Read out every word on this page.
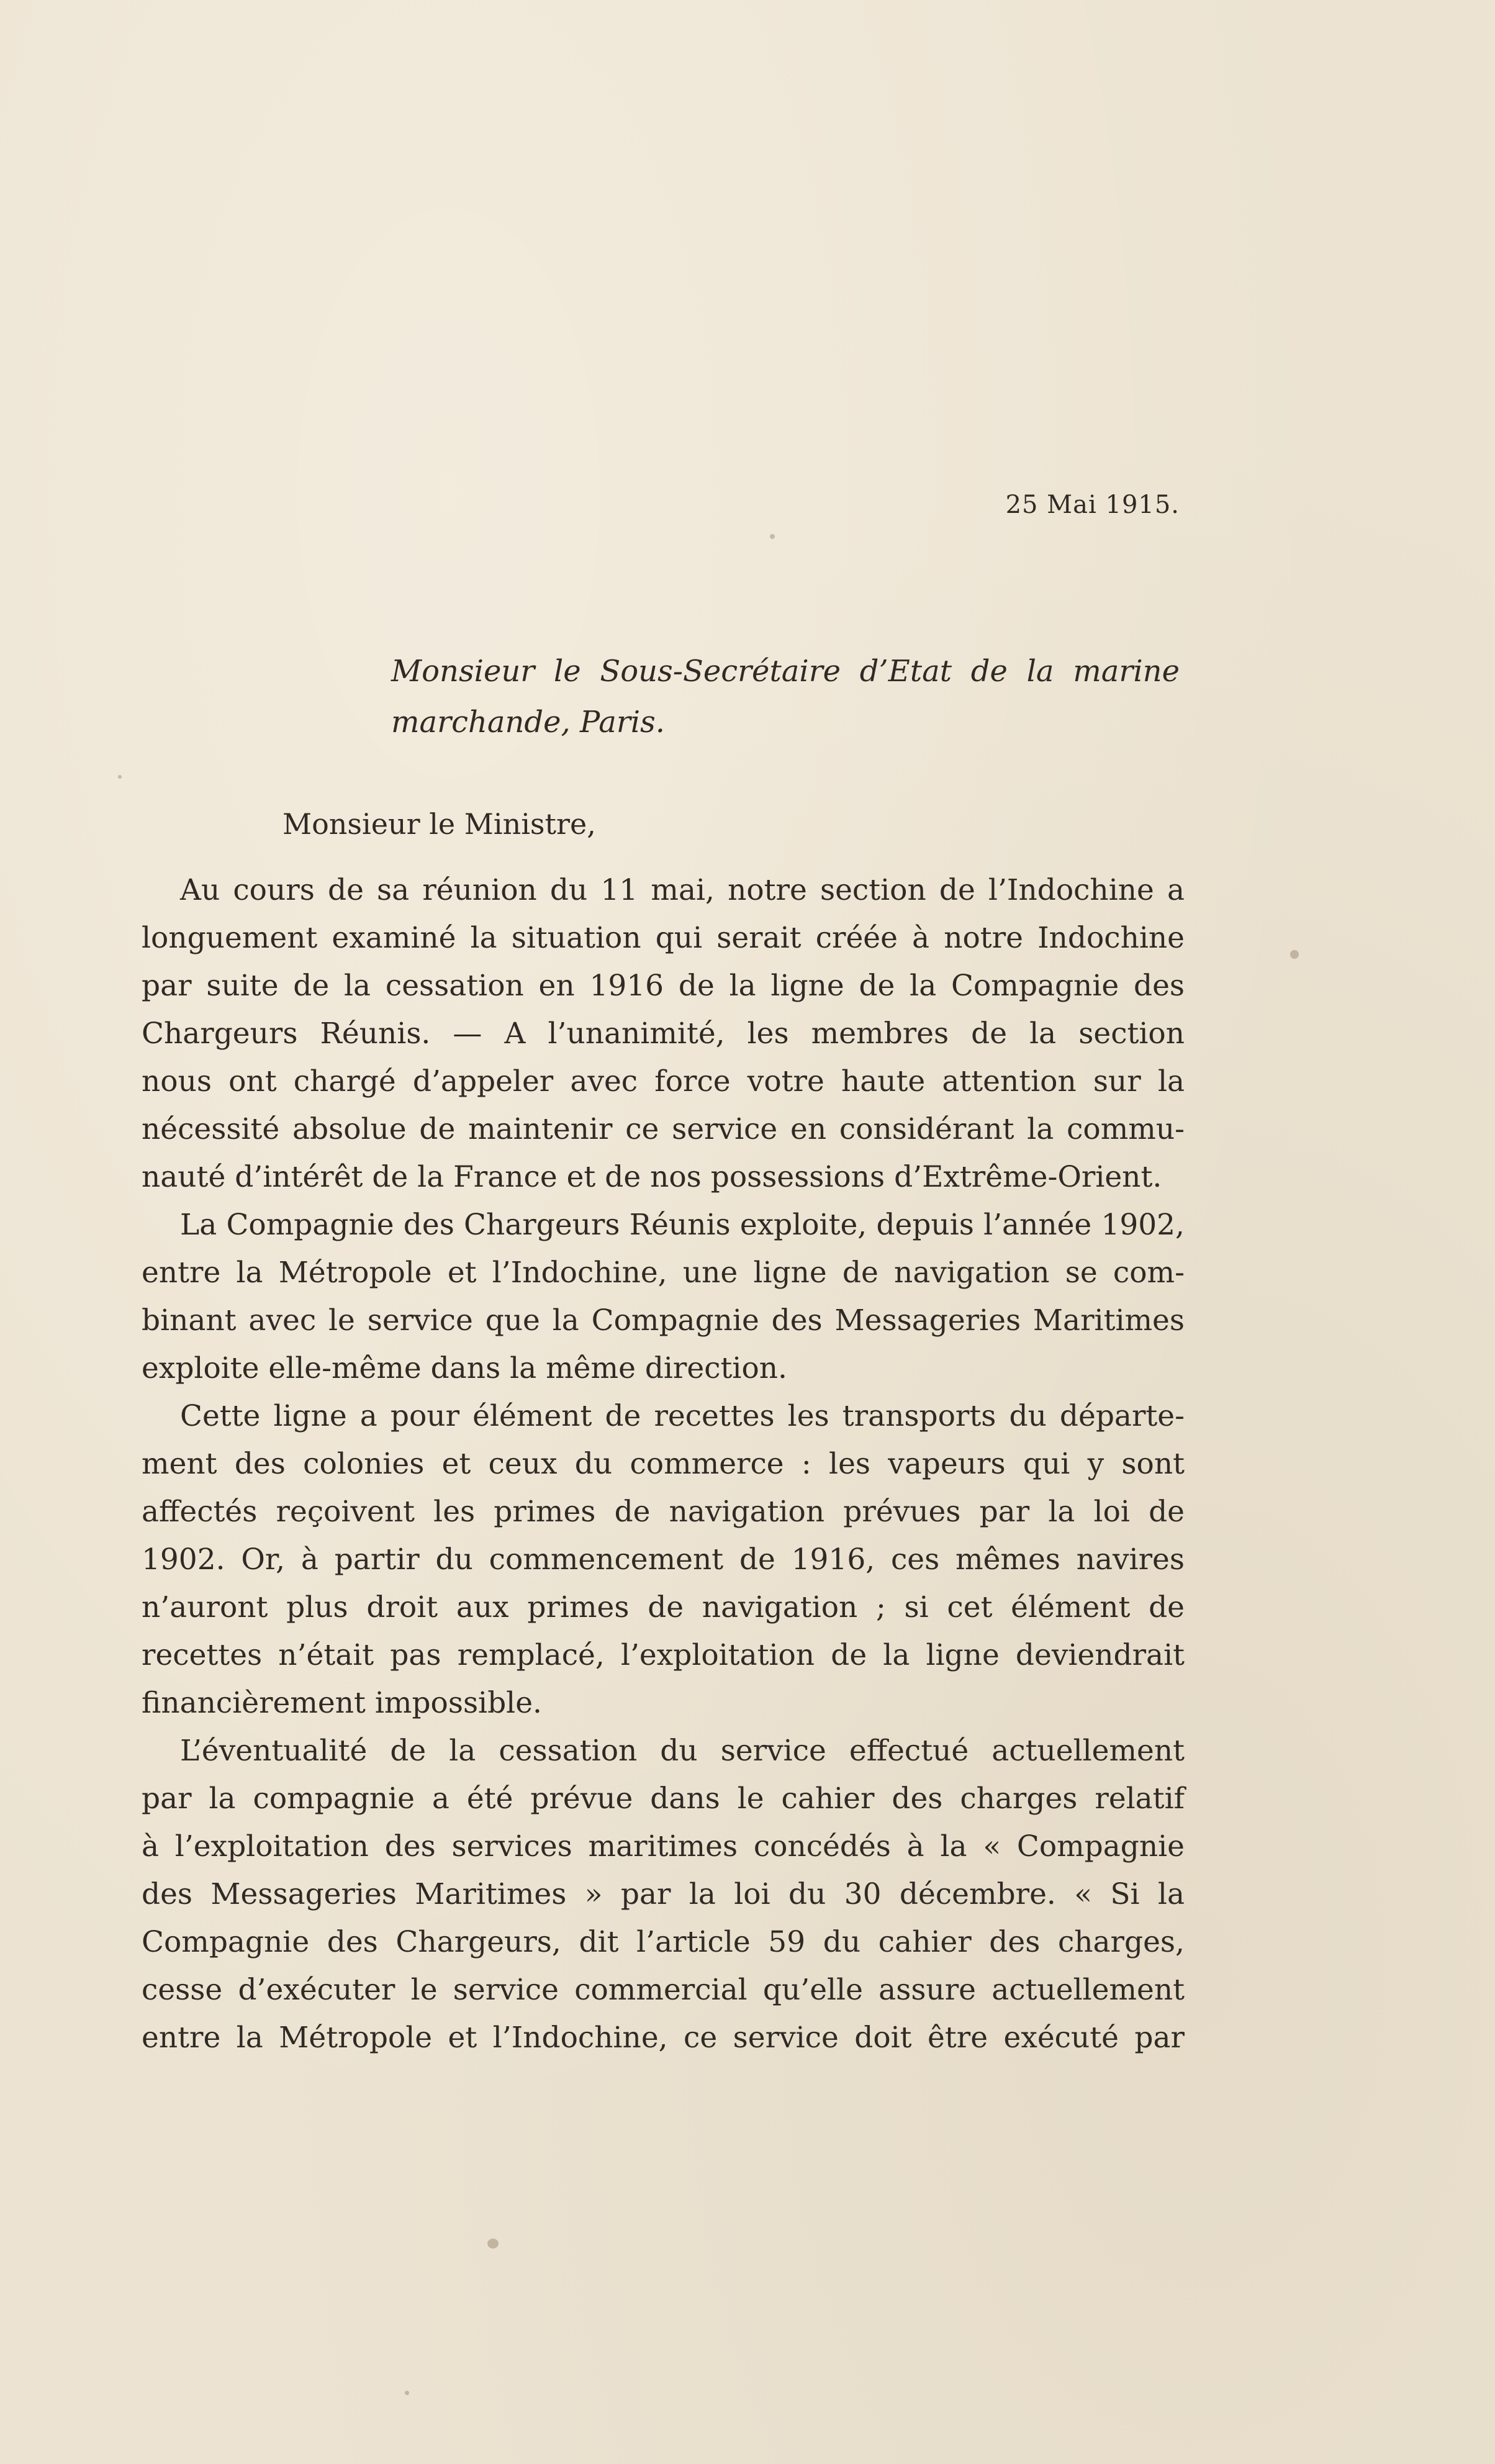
25 Mai 1915.
Monsieur le Sous-Secrétaire d’Etat de la marine
marchande, Paris.
Monsieur le Ministre,
Au cours de sa réunion du 11 mai, notre section de l’Indochine a
longuement examiné la situation qui serait créée à notre Indochine
par suite de la cessation en 1916 de la ligne de la Compagnie des
Chargeurs Réunis. — A l’unanimité, les membres de la section
nous ont chargé d’appeler avec force votre haute attention sur la
nécessité absolue de maintenir ce service en considérant la commu-
nauté d’intérêt de la France et de nos possessions d’Extrême-Orient.
La Compagnie des Chargeurs Réunis exploite, depuis l’année 1902,
entre la Métropole et l’Indochine, une ligne de navigation se com-
binant avec le service que la Compagnie des Messageries Maritimes
exploite elle-même dans la même direction.
Cette ligne a pour élément de recettes les transports du départe-
ment des colonies et ceux du commerce : les vapeurs qui y sont
affectés reçoivent les primes de navigation prévues par la loi de
1902. Or, à partir du commencement de 1916, ces mêmes navires
n’auront plus droit aux primes de navigation ; si cet élément de
recettes n’était pas remplacé, l’exploitation de la ligne deviendrait
financièrement impossible.
L’éventualité de la cessation du service effectué actuellement
par la compagnie a été prévue dans le cahier des charges relatif
à l’exploitation des services maritimes concédés à la « Compagnie
des Messageries Maritimes » par la loi du 30 décembre. « Si la
Compagnie des Chargeurs, dit l’article 59 du cahier des charges,
cesse d’exécuter le service commercial qu’elle assure actuellement
entre la Métropole et l’Indochine, ce service doit être exécuté par
